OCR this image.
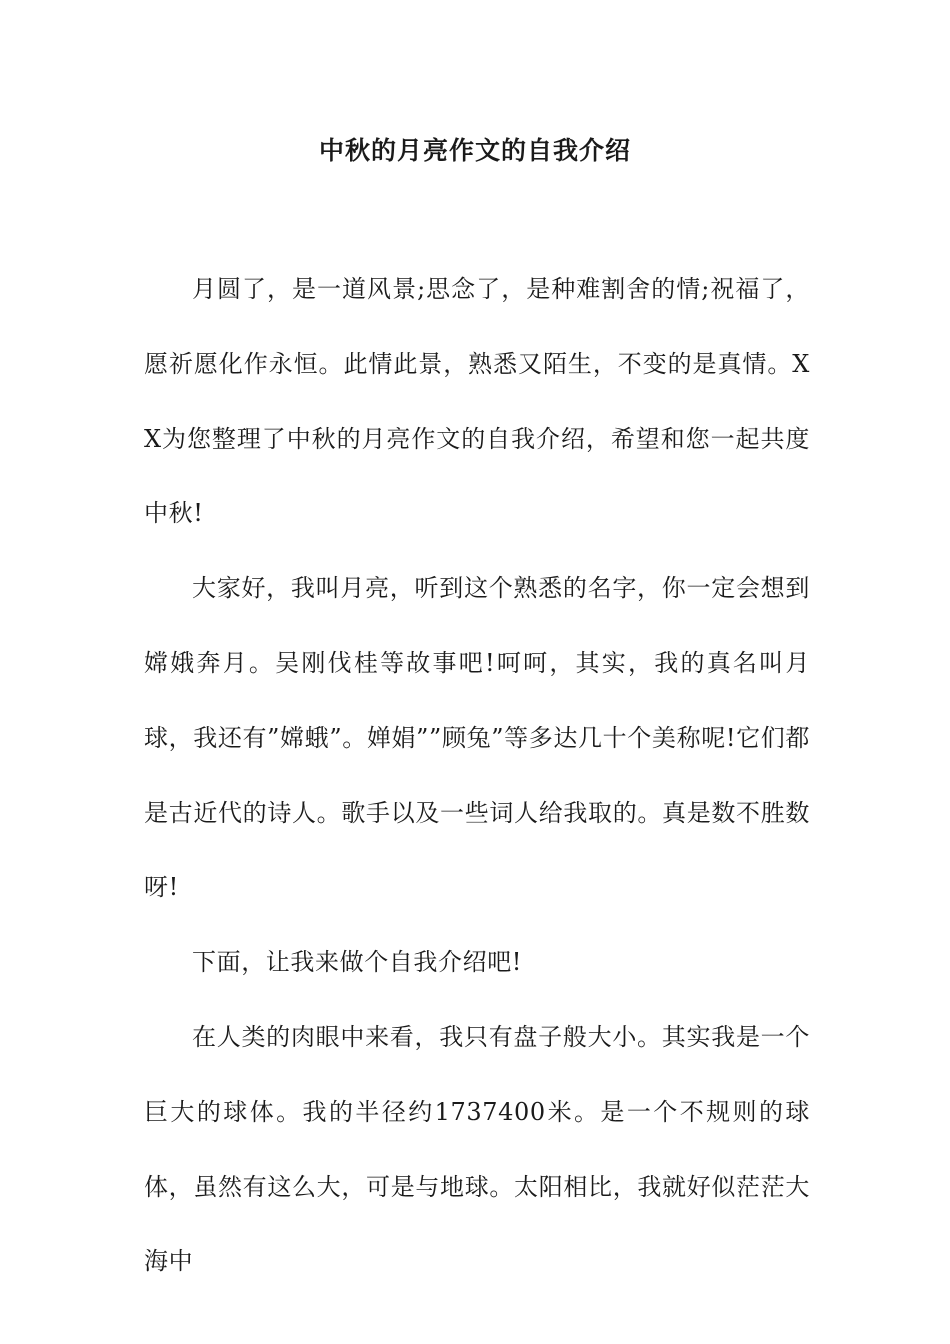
中秋的月亮作文的自我介绍

月圆了，是一道风景;思念了，是种难割舍的情;祝福了，愿祈愿化作永恒。此情此景，熟悉又陌生，不变的是真情。XX为您整理了中秋的月亮作文的自我介绍，希望和您一起共度中秋!

大家好，我叫月亮，听到这个熟悉的名字，你一定会想到嫦娥奔月。吴刚伐桂等故事吧!呵呵，其实，我的真名叫月球，我还有”嫦蛾”。婵娟””顾兔”等多达几十个美称呢!它们都是古近代的诗人。歌手以及一些词人给我取的。真是数不胜数呀!

下面，让我来做个自我介绍吧!

在人类的肉眼中来看，我只有盘子般大小。其实我是一个巨大的球体。我的半径约1737400米。是一个不规则的球体，虽然有这么大，可是与地球。太阳相比，我就好似茫茫大海中
